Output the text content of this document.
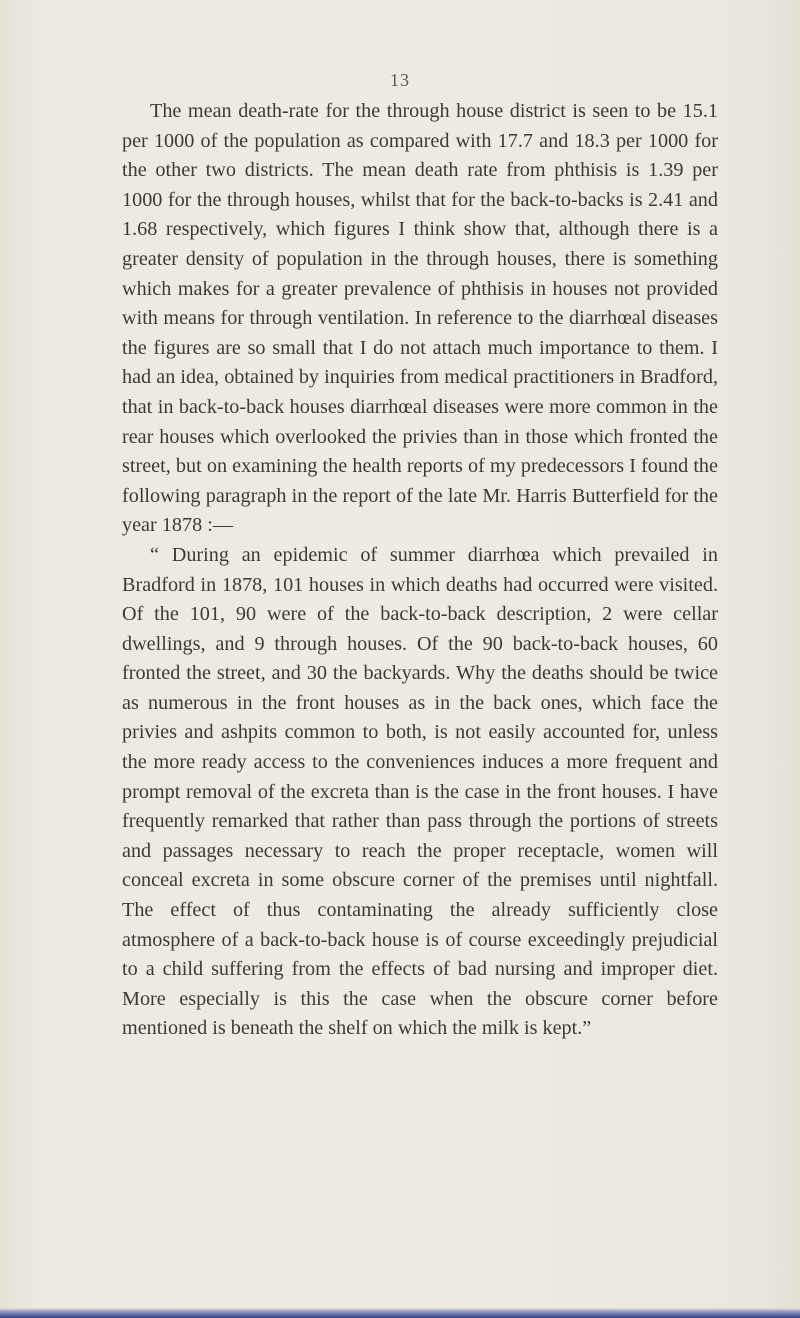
13

The mean death-rate for the through house district is seen to be 15.1 per 1000 of the population as compared with 17.7 and 18.3 per 1000 for the other two districts. The mean death rate from phthisis is 1.39 per 1000 for the through houses, whilst that for the back-to-backs is 2.41 and 1.68 respectively, which figures I think show that, although there is a greater density of population in the through houses, there is something which makes for a greater prevalence of phthisis in houses not provided with means for through ventilation. In reference to the diarrhœal diseases the figures are so small that I do not attach much importance to them. I had an idea, obtained by inquiries from medical practitioners in Bradford, that in back-to-back houses diarrhœal diseases were more common in the rear houses which overlooked the privies than in those which fronted the street, but on examining the health reports of my predecessors I found the following paragraph in the report of the late Mr. Harris Butterfield for the year 1878 :—

“ During an epidemic of summer diarrhœa which prevailed in Bradford in 1878, 101 houses in which deaths had occurred were visited. Of the 101, 90 were of the back-to-back description, 2 were cellar dwellings, and 9 through houses. Of the 90 back-to-back houses, 60 fronted the street, and 30 the backyards. Why the deaths should be twice as numerous in the front houses as in the back ones, which face the privies and ashpits common to both, is not easily accounted for, unless the more ready access to the conveniences induces a more frequent and prompt removal of the excreta than is the case in the front houses. I have frequently remarked that rather than pass through the portions of streets and passages necessary to reach the proper receptacle, women will conceal excreta in some obscure corner of the premises until nightfall. The effect of thus contaminating the already sufficiently close atmosphere of a back-to-back house is of course exceedingly prejudicial to a child suffering from the effects of bad nursing and improper diet. More especially is this the case when the obscure corner before mentioned is beneath the shelf on which the milk is kept.”
